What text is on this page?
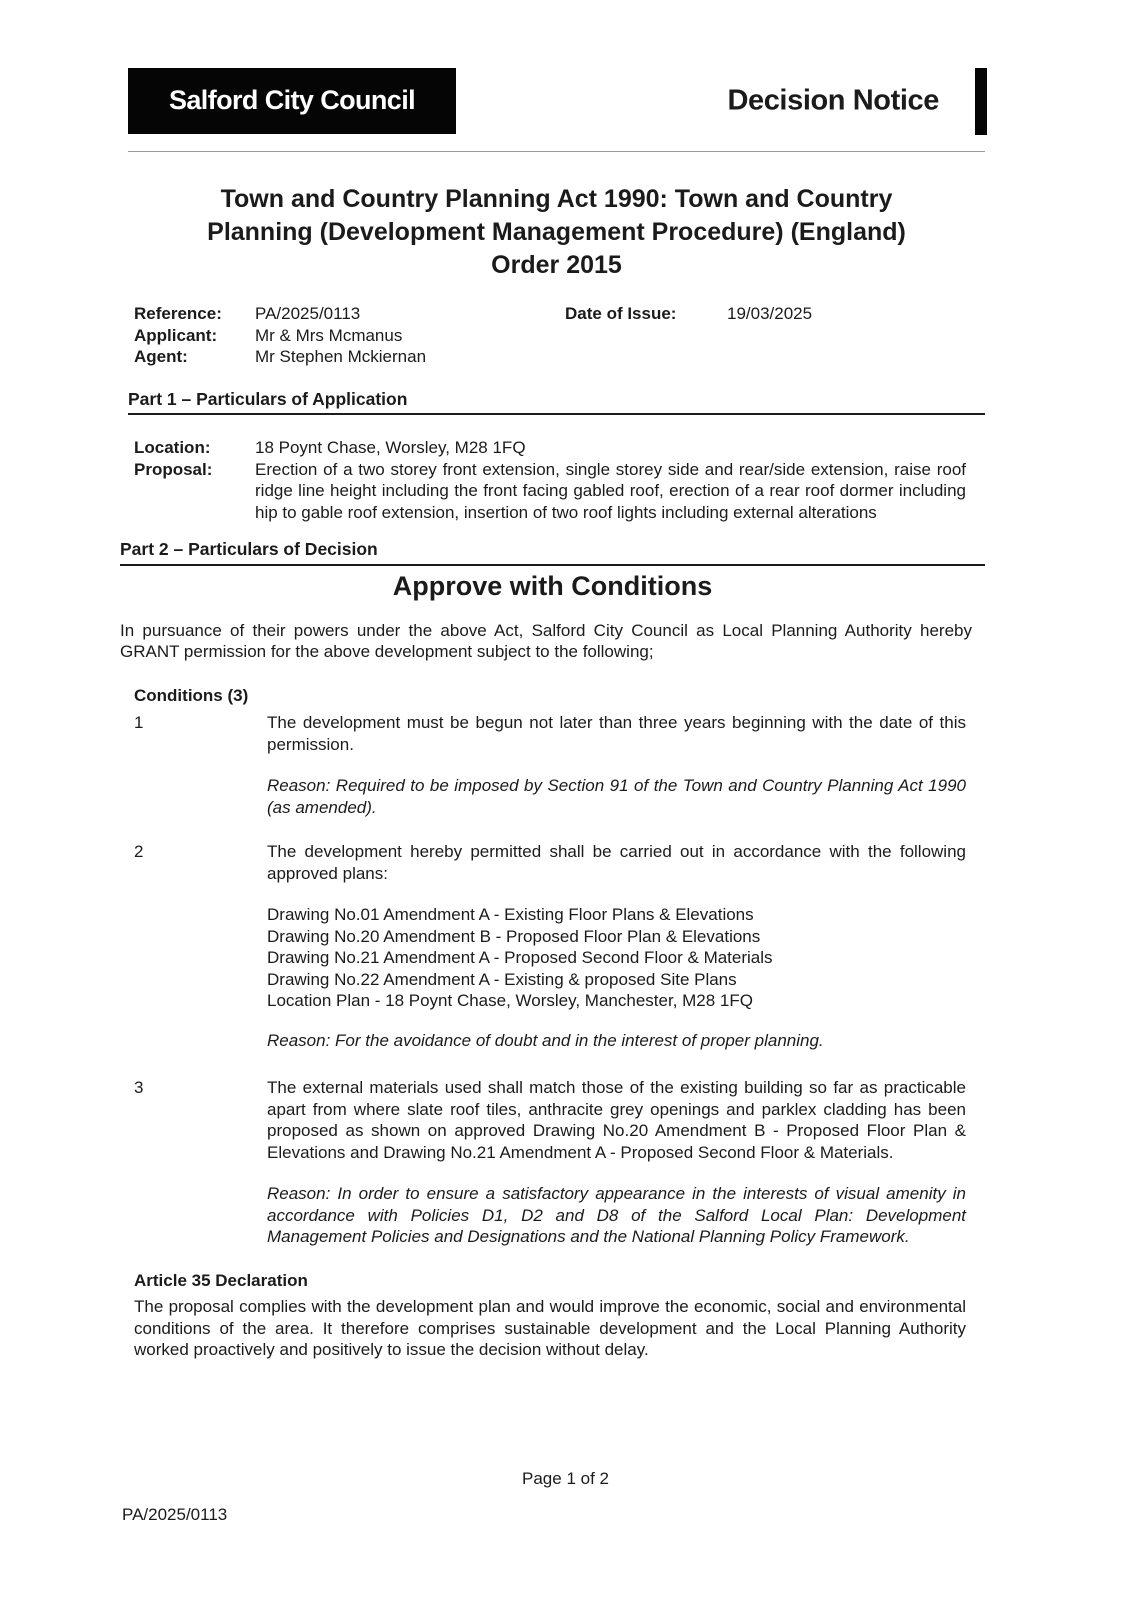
Salford City Council	Decision Notice
Town and Country Planning Act 1990: Town and Country
Planning (Development Management Procedure) (England)
Order 2015
Reference:	PA/2025/0113	Date of Issue:	19/03/2025
Applicant:	Mr & Mrs Mcmanus
Agent:	Mr Stephen Mckiernan
Part 1 – Particulars of Application
Location:	18 Poynt Chase, Worsley, M28 1FQ
Proposal:	Erection of a two storey front extension, single storey side and rear/side extension, raise roof ridge line height including the front facing gabled roof, erection of a rear roof dormer including hip to gable roof extension, insertion of two roof lights including external alterations
Part 2 – Particulars of Decision
Approve with Conditions
In pursuance of their powers under the above Act, Salford City Council as Local Planning Authority hereby GRANT permission for the above development subject to the following;
Conditions (3)
1	The development must be begun not later than three years beginning with the date of this permission.
Reason: Required to be imposed by Section 91 of the Town and Country Planning Act 1990 (as amended).
2	The development hereby permitted shall be carried out in accordance with the following approved plans:
Drawing No.01 Amendment A - Existing Floor Plans & Elevations
Drawing No.20 Amendment B - Proposed Floor Plan & Elevations
Drawing No.21 Amendment A - Proposed Second Floor & Materials
Drawing No.22 Amendment A - Existing & proposed Site Plans
Location Plan - 18 Poynt Chase, Worsley, Manchester, M28 1FQ
Reason: For the avoidance of doubt and in the interest of proper planning.
3	The external materials used shall match those of the existing building so far as practicable apart from where slate roof tiles, anthracite grey openings and parklex cladding has been proposed as shown on approved Drawing No.20 Amendment B - Proposed Floor Plan & Elevations and Drawing No.21 Amendment A - Proposed Second Floor & Materials.
Reason: In order to ensure a satisfactory appearance in the interests of visual amenity in accordance with Policies D1, D2 and D8 of the Salford Local Plan: Development Management Policies and Designations and the National Planning Policy Framework.
Article 35 Declaration
The proposal complies with the development plan and would improve the economic, social and environmental conditions of the area. It therefore comprises sustainable development and the Local Planning Authority worked proactively and positively to issue the decision without delay.
Page 1 of 2
PA/2025/0113
